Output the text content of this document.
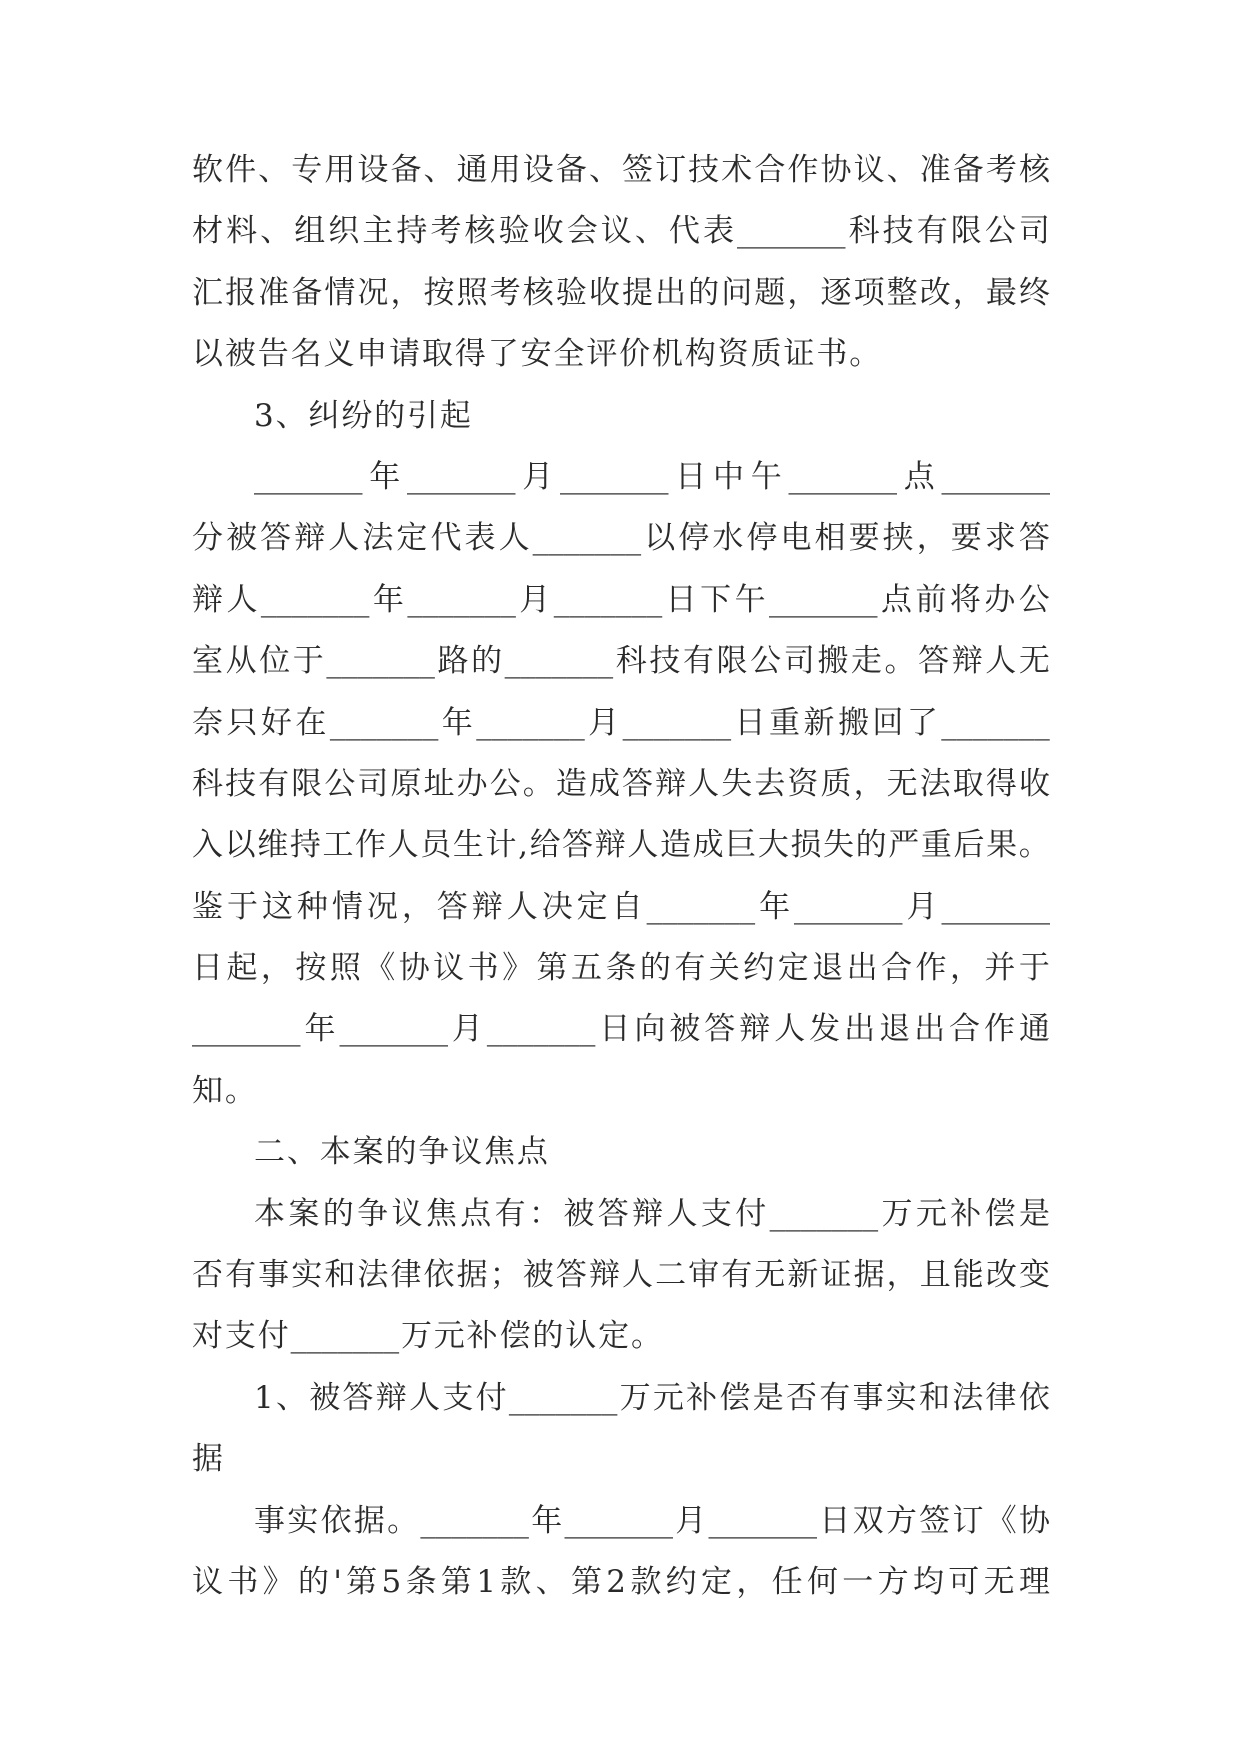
软 件 、 专 用 设 备 、 通 用 设 备 、 签 订 技 术 合 作 协 议 、 准 备 考 核
材 料 、 组 织 主 持 考 核 验 收 会 议 、 代 表 _______ 科 技 有 限 公 司
汇 报 准 备 情 况 ， 按 照 考 核 验 收 提 出 的 问 题 ， 逐 项 整 改 ， 最 终
以 被 告 名 义 申 请 取 得 了 安 全 评 价 机 构 资 质 证 书 。
3 、 纠 纷 的 引 起
_______ 年 _______ 月 _______ 日 中 午 _______ 点 _______
分 被 答 辩 人 法 定 代 表 人 _______ 以 停 水 停 电 相 要 挟 ， 要 求 答
辩 人 _______ 年 _______ 月 _______ 日 下 午 _______ 点 前 将 办 公
室 从 位 于 _______ 路 的 _______ 科 技 有 限 公 司 搬 走 。 答 辩 人 无
奈 只 好 在 _______ 年 _______ 月 _______ 日 重 新 搬 回 了 _______
科 技 有 限 公 司 原 址 办 公 。 造 成 答 辩 人 失 去 资 质 ， 无 法 取 得 收
入 以 维 持 工 作 人 员 生 计 , 给 答 辩 人 造 成 巨 大 损 失 的 严 重 后 果 。
鉴 于 这 种 情 况 ， 答 辩 人 决 定 自 _______ 年 _______ 月 _______
日 起 ， 按 照 《 协 议 书 》 第 五 条 的 有 关 约 定 退 出 合 作 ， 并 于
_______ 年 _______ 月 _______ 日 向 被 答 辩 人 发 出 退 出 合 作 通
知 。
二 、 本 案 的 争 议 焦 点
本 案 的 争 议 焦 点 有 ： 被 答 辩 人 支 付 _______ 万 元 补 偿 是
否 有 事 实 和 法 律 依 据 ； 被 答 辩 人 二 审 有 无 新 证 据 ， 且 能 改 变
对 支 付 _______ 万 元 补 偿 的 认 定 。
1 、 被 答 辩 人 支 付 _______ 万 元 补 偿 是 否 有 事 实 和 法 律 依
据
事 实 依 据 。 _______ 年 _______ 月 _______ 日 双 方 签 订 《 协
议 书 》 的 ' 第 5 条 第 1 款 、 第 2 款 约 定 ， 任 何 一 方 均 可 无 理
